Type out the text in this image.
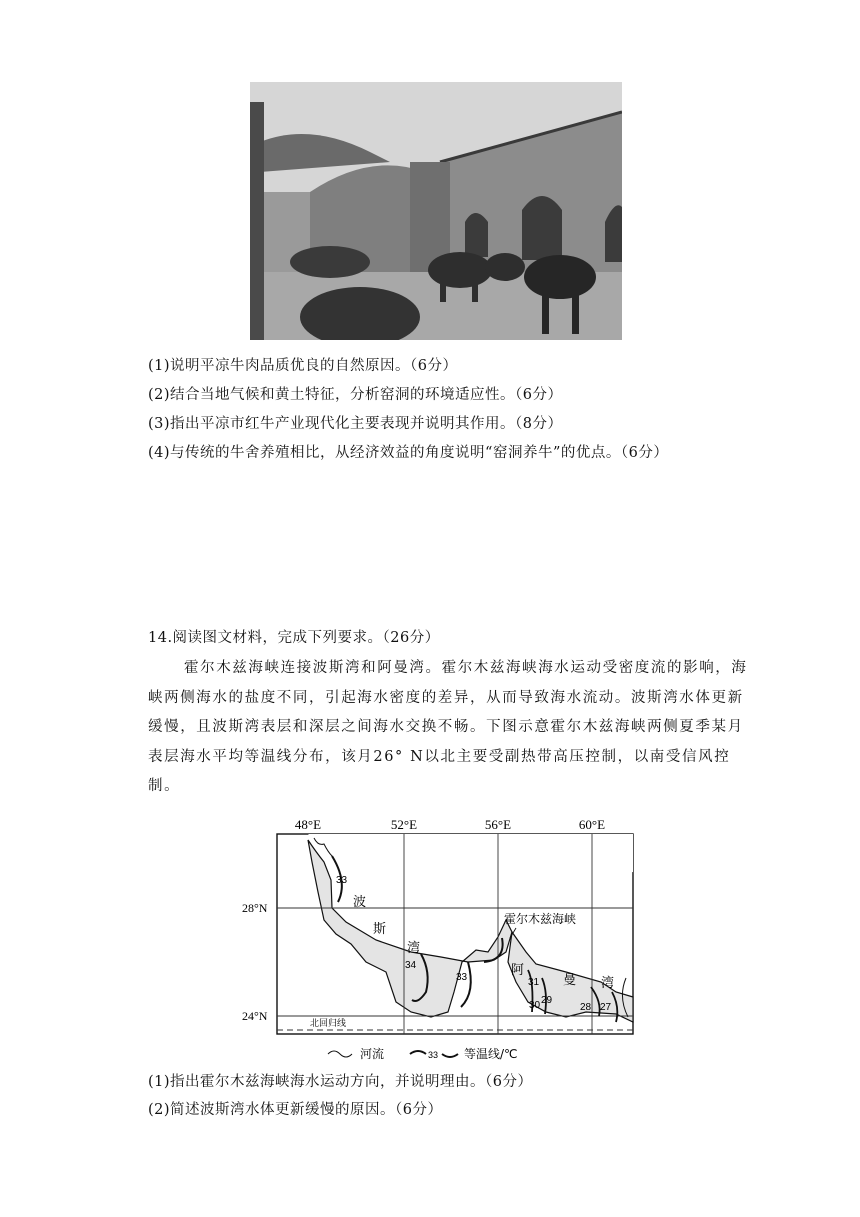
(1)说明平凉牛肉品质优良的自然原因。（6分）
(2)结合当地气候和黄土特征，分析窑洞的环境适应性。（6分）
(3)指出平凉市红牛产业现代化主要表现并说明其作用。（8分）
(4)与传统的牛舍养殖相比，从经济效益的角度说明“窑洞养牛”的优点。（6分）
14.阅读图文材料，完成下列要求。（26分）
霍尔木兹海峡连接波斯湾和阿曼湾。霍尔木兹海峡海水运动受密度流的影响，海峡两侧海水的盐度不同，引起海水密度的差异，从而导致海水流动。波斯湾水体更新缓慢，且波斯湾表层和深层之间海水交换不畅。下图示意霍尔木兹海峡两侧夏季某月表层海水平均等温线分布，该月26° N以北主要受副热带高压控制，以南受信风控制。
48°E	52°E	56°E	60°E
北回归线
28°N
24°N
33
34
33	31
30 29
28 27
波
斯
湾
阿
曼 湾
霍尔木兹海峡
河流	33 等温线/℃
(1)指出霍尔木兹海峡海水运动方向，并说明理由。（6分）
(2)简述波斯湾水体更新缓慢的原因。（6分）
